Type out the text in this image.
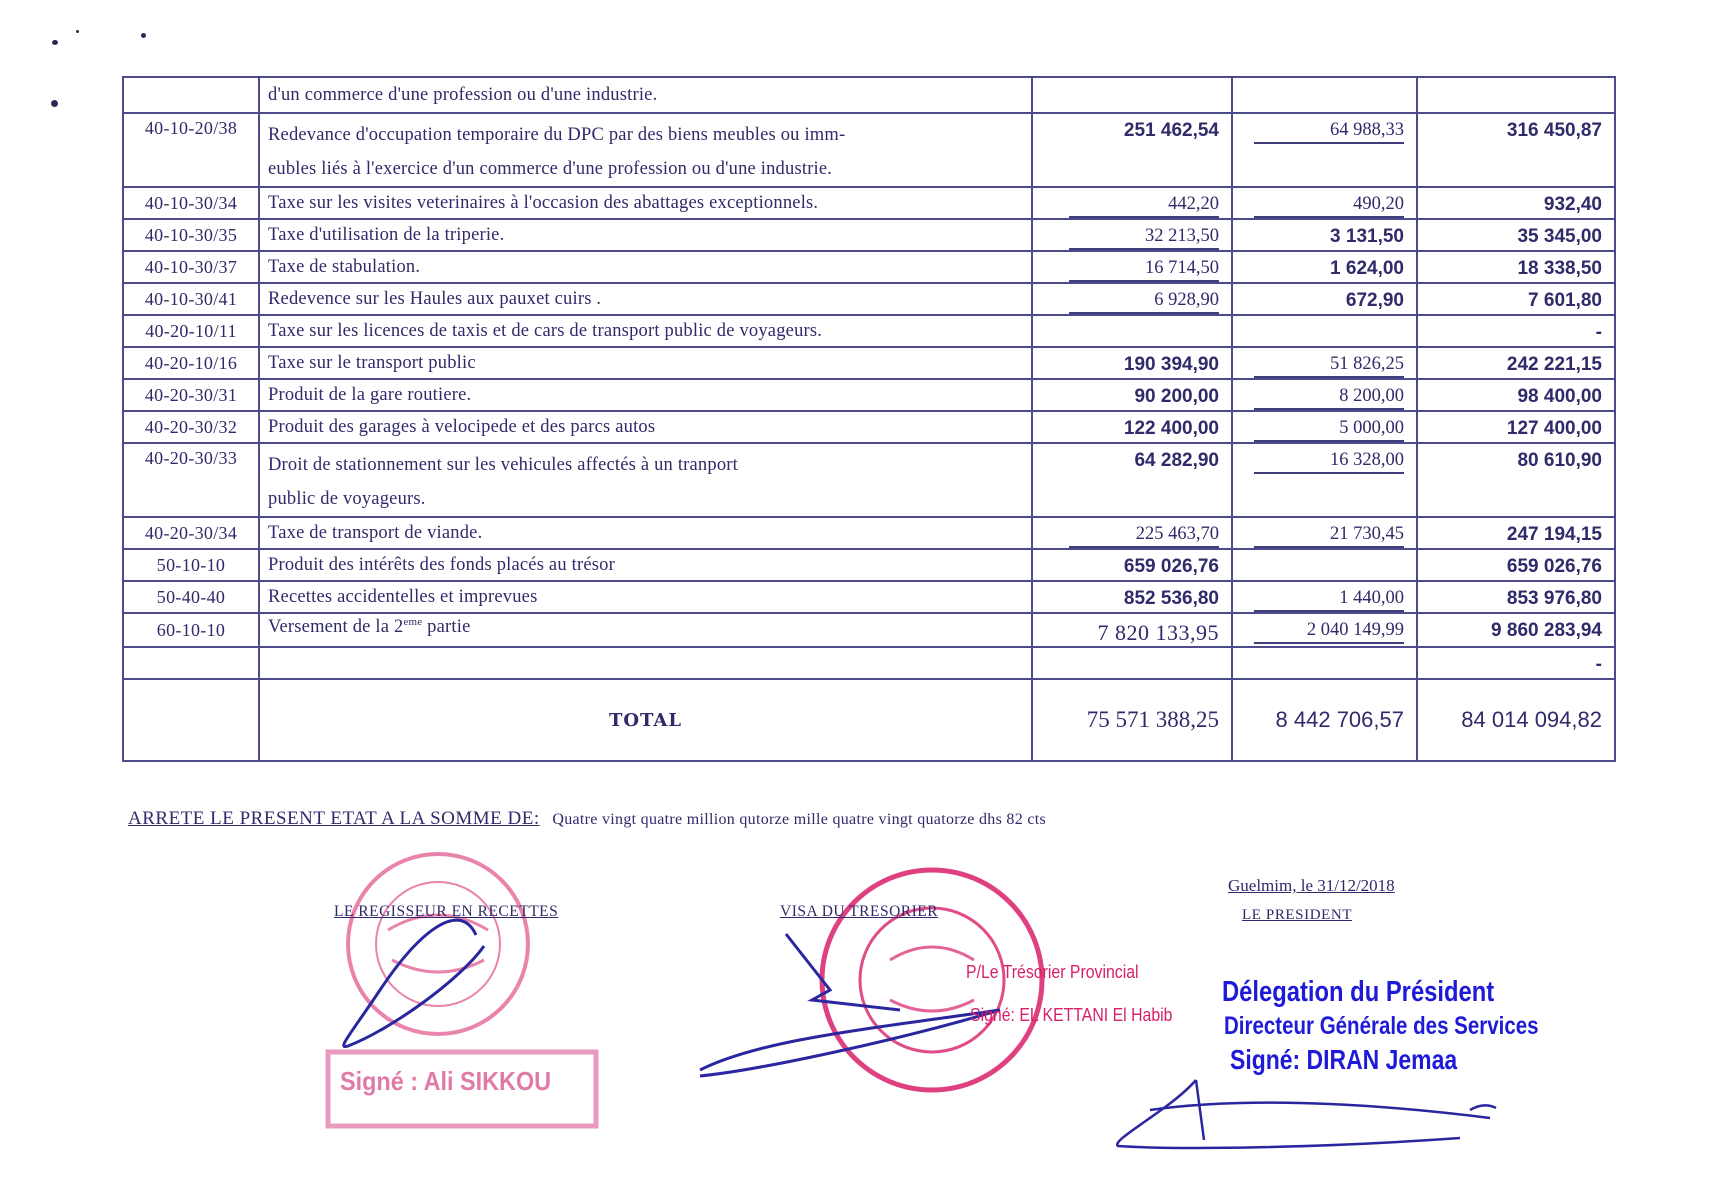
	d'un commerce d'une profession ou d'une industrie.			
40-10-20/38	Redevance d'occupation temporaire du DPC par des biens meubles ou imm-
eubles liés à l'exercice d'un commerce d'une profession ou d'une industrie.	251 462,54	64 988,33	316 450,87
40-10-30/34	Taxe sur les visites veterinaires à l'occasion des abattages exceptionnels.	442,20	490,20	932,40
40-10-30/35	Taxe d'utilisation de la triperie.	32 213,50	3 131,50	35 345,00
40-10-30/37	Taxe de stabulation.	16 714,50	1 624,00	18 338,50
40-10-30/41	Redevence sur les Haules aux pauxet cuirs .	6 928,90	672,90	7 601,80
40-20-10/11	Taxe sur les licences de taxis et de cars de transport public de voyageurs.			-
40-20-10/16	Taxe sur le transport public	190 394,90	51 826,25	242 221,15
40-20-30/31	Produit de la gare routiere.	90 200,00	8 200,00	98 400,00
40-20-30/32	Produit des garages à velocipede et des parcs autos	122 400,00	5 000,00	127 400,00
40-20-30/33	Droit de stationnement sur les vehicules affectés à un tranport
public de voyageurs.	64 282,90	16 328,00	80 610,90
40-20-30/34	Taxe de transport de viande.	225 463,70	21 730,45	247 194,15
50-10-10	Produit des intérêts des fonds placés au trésor	659 026,76		659 026,76
50-40-40	Recettes accidentelles et imprevues	852 536,80	1 440,00	853 976,80
60-10-10	Versement de la 2eme partie	7 820 133,95	2 040 149,99	9 860 283,94
				-
	TOTAL	75 571 388,25	8 442 706,57	84 014 094,82
ARRETE LE PRESENT ETAT A LA SOMME DE: Quatre vingt quatre million qutorze mille quatre vingt quatorze dhs 82 cts
LE REGISSEUR EN RECETTES	VISA DU TRESORIER
Guelmim, le 31/12/2018
LE PRESIDENT
P/Le Trésorier Provincial
Signé: EL KETTANI El Habib
Signé : Ali SIKKOU
Délegation du Président
Directeur Générale des Services
Signé: DIRAN Jemaa
